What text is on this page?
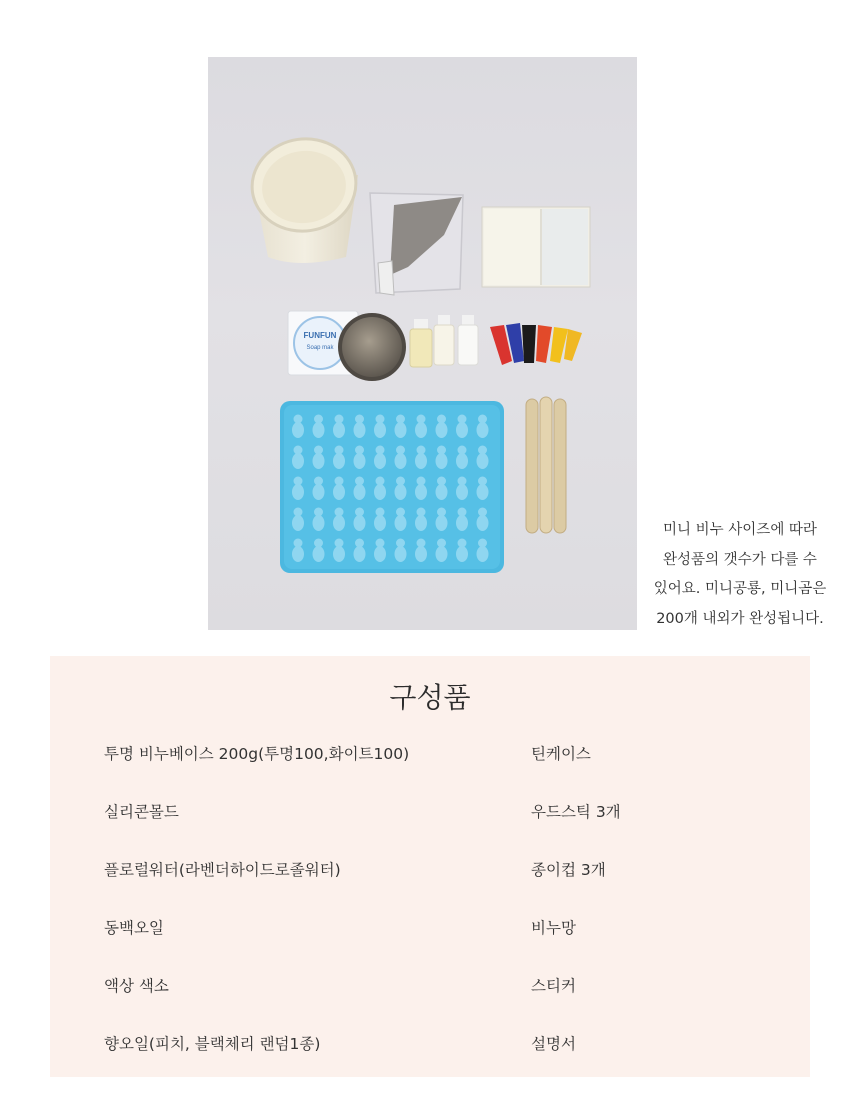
FUNFUN
Soap mak
미니 비누 사이즈에 따라
완성품의 갯수가 다를 수
있어요. 미니공룡, 미니곰은
200개 내외가 완성됩니다.
구성품
투명 비누베이스 200g(투명100,화이트100)
실리콘몰드
플로럴워터(라벤더하이드로졸워터)
동백오일
액상 색소
향오일(피치, 블랙체리 랜덤1종)
틴케이스
우드스틱 3개
종이컵 3개
비누망
스티커
설명서
